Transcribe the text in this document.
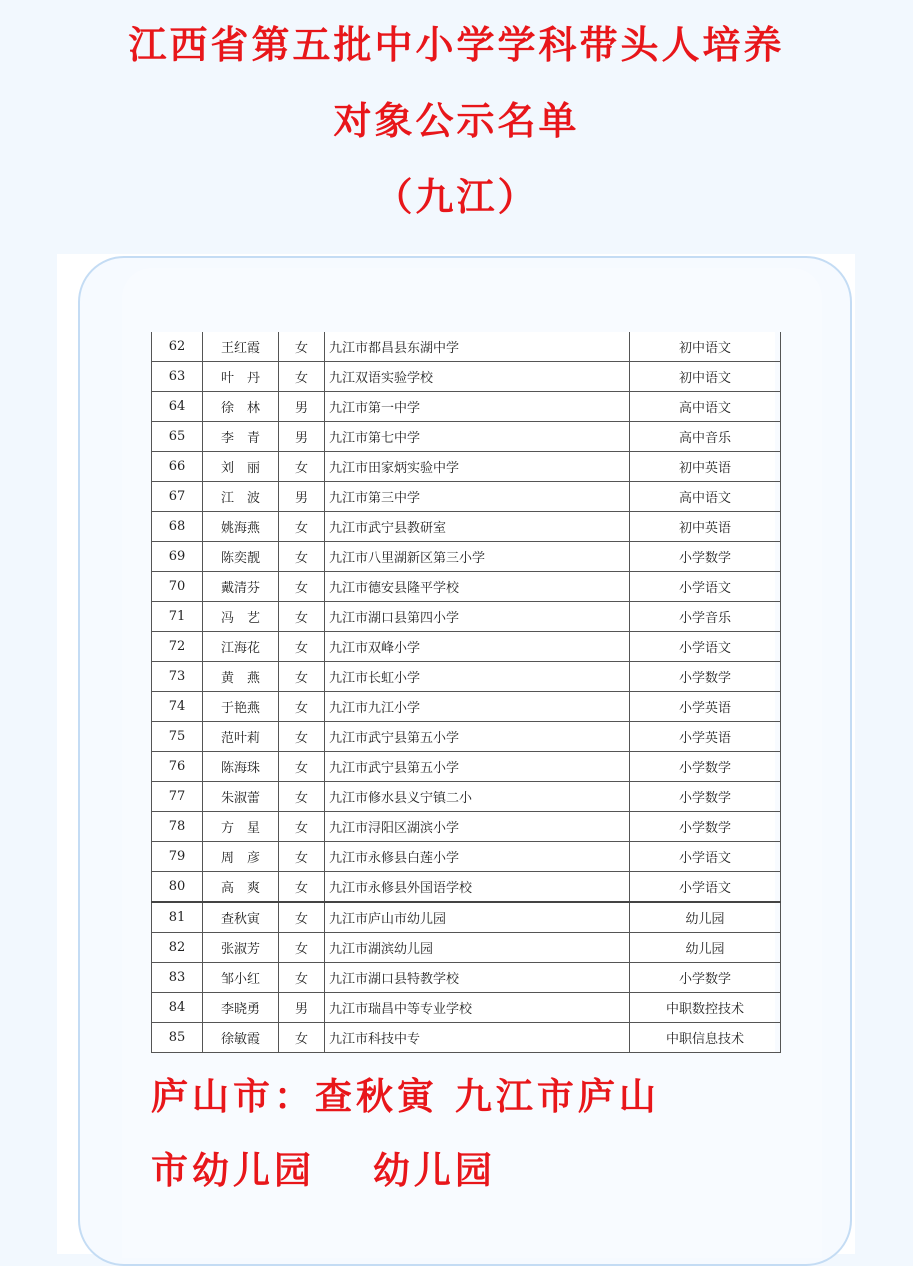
江西省第五批中小学学科带头人培养
对象公示名单
（九江）
62	王红霞	女	九江市都昌县东湖中学	初中语文
63	叶　丹	女	九江双语实验学校	初中语文
64	徐　林	男	九江市第一中学	高中语文
65	李　青	男	九江市第七中学	高中音乐
66	刘　丽	女	九江市田家炳实验中学	初中英语
67	江　波	男	九江市第三中学	高中语文
68	姚海燕	女	九江市武宁县教研室	初中英语
69	陈奕靓	女	九江市八里湖新区第三小学	小学数学
70	戴清芬	女	九江市德安县隆平学校	小学语文
71	冯　艺	女	九江市湖口县第四小学	小学音乐
72	江海花	女	九江市双峰小学	小学语文
73	黄　燕	女	九江市长虹小学	小学数学
74	于艳燕	女	九江市九江小学	小学英语
75	范叶莉	女	九江市武宁县第五小学	小学英语
76	陈海珠	女	九江市武宁县第五小学	小学数学
77	朱淑蕾	女	九江市修水县义宁镇二小	小学数学
78	方　星	女	九江市浔阳区湖滨小学	小学数学
79	周　彦	女	九江市永修县白莲小学	小学语文
80	高　爽	女	九江市永修县外国语学校	小学语文
81	查秋寅	女	九江市庐山市幼儿园	幼儿园
82	张淑芳	女	九江市湖滨幼儿园	幼儿园
83	邹小红	女	九江市湖口县特教学校	小学数学
84	李晓勇	男	九江市瑞昌中等专业学校	中职数控技术
85	徐敏霞	女	九江市科技中专	中职信息技术
庐山市：查秋寅 九江市庐山
市幼儿园　 幼儿园
